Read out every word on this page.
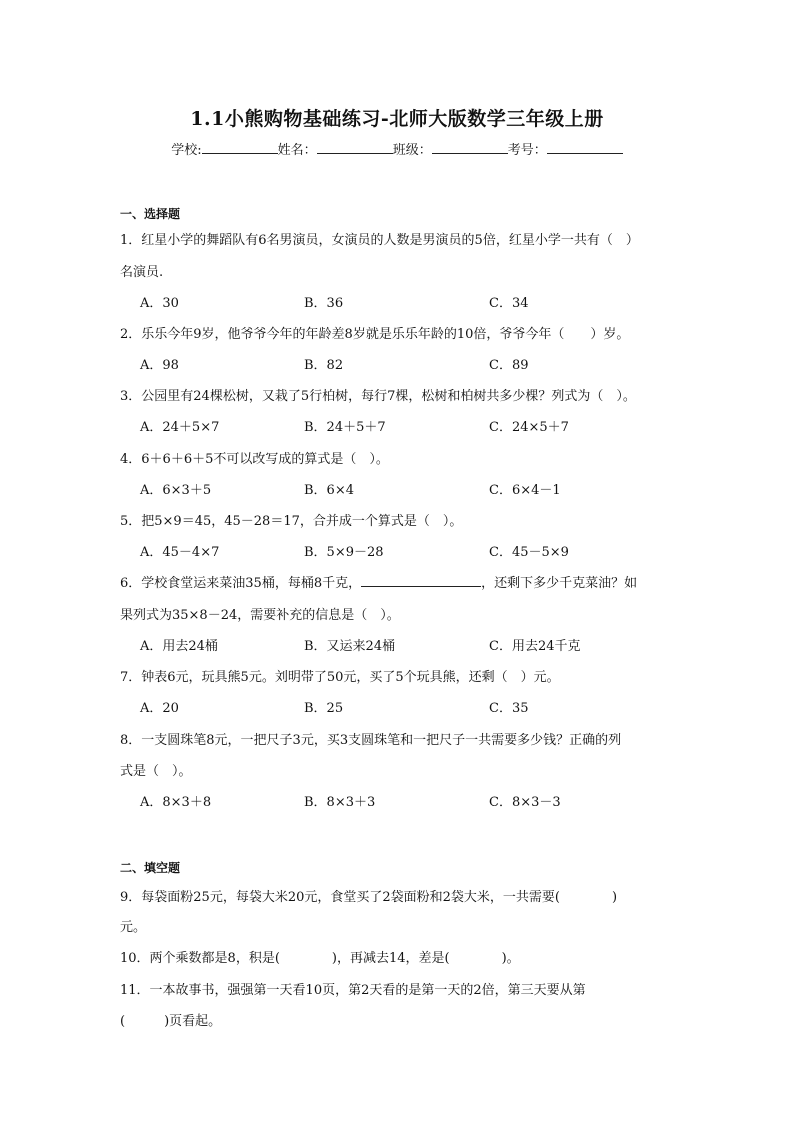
1.1小熊购物基础练习-北师大版数学三年级上册
学校:	姓名：	班级：	考号：
一、选择题
1．红星小学的舞蹈队有6名男演员，女演员的人数是男演员的5倍，红星小学一共有（　）
名演员.
A．30	B．36	C．34
2．乐乐今年9岁，他爷爷今年的年龄差8岁就是乐乐年龄的10倍，爷爷今年（　　）岁。
A．98	B．82	C．89
3．公园里有24棵松树，又栽了5行柏树，每行7棵，松树和柏树共多少棵？列式为（　）。
A．24＋5×7	B．24＋5＋7	C．24×5＋7
4．6＋6＋6＋5不可以改写成的算式是（　）。
A．6×3＋5	B．6×4	C．6×4－1
5．把5×9＝45，45－28＝17，合并成一个算式是（　）。
A．45－4×7	B．5×9－28	C．45－5×9
6．学校食堂运来菜油35桶，每桶8千克，	，还剩下多少千克菜油？如
果列式为35×8－24，需要补充的信息是（　）。
A．用去24桶	B．又运来24桶	C．用去24千克
7．钟表6元，玩具熊5元。刘明带了50元，买了5个玩具熊，还剩（　）元。
A．20	B．25	C．35
8．一支圆珠笔8元，一把尺子3元，买3支圆珠笔和一把尺子一共需要多少钱？正确的列
式是（　）。
A．8×3＋8	B．8×3＋3	C．8×3－3
二、填空题
9．每袋面粉25元，每袋大米20元，食堂买了2袋面粉和2袋大米，一共需要(　　　　)
元。
10．两个乘数都是8，积是(　　　　)，再减去14，差是(　　　　)。
11．一本故事书，强强第一天看10页，第2天看的是第一天的2倍，第三天要从第
(　　　)页看起。
